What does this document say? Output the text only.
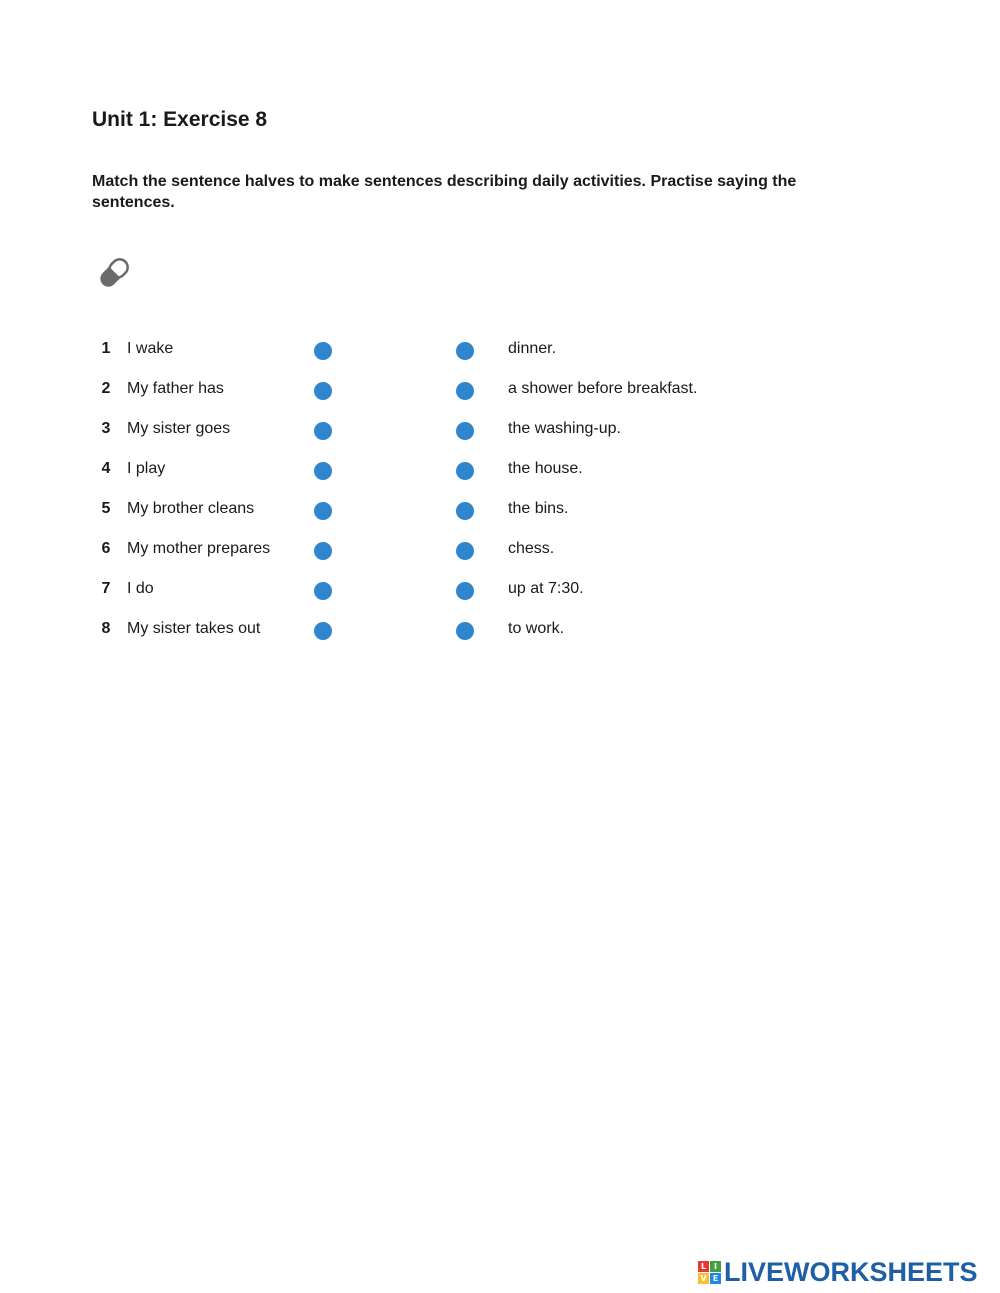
Unit 1: Exercise 8

Match the sentence halves to make sentences describing daily activities. Practise saying the sentences.

1	I wake	dinner.
2	My father has	a shower before breakfast.
3	My sister goes	the washing-up.
4	I play	the house.
5	My brother cleans	the bins.
6	My mother prepares	chess.
7	I do	up at 7:30.
8	My sister takes out	to work.
L I
V E LIVEWORKSHEETS
